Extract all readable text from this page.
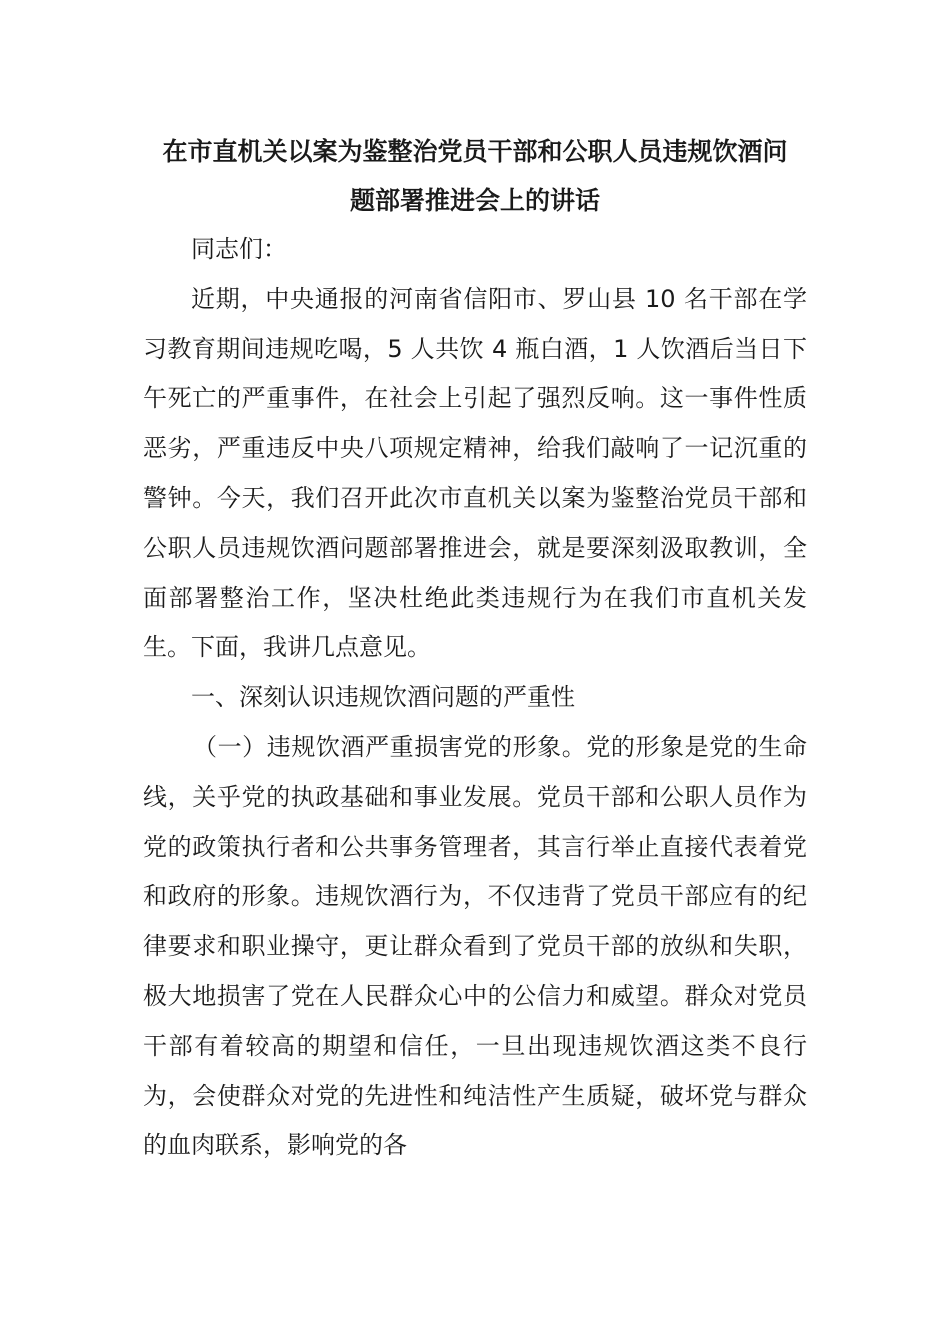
在市直机关以案为鉴整治党员干部和公职人员违规饮酒问
题部署推进会上的讲话

同志们：

近期，中央通报的河南省信阳市、罗山县 10 名干部在学习教育期间违规吃喝，5 人共饮 4 瓶白酒，1 人饮酒后当日下午死亡的严重事件，在社会上引起了强烈反响。这一事件性质恶劣，严重违反中央八项规定精神，给我们敲响了一记沉重的警钟。今天，我们召开此次市直机关以案为鉴整治党员干部和公职人员违规饮酒问题部署推进会，就是要深刻汲取教训，全面部署整治工作，坚决杜绝此类违规行为在我们市直机关发生。下面，我讲几点意见。

一、深刻认识违规饮酒问题的严重性

（一）违规饮酒严重损害党的形象。党的形象是党的生命线，关乎党的执政基础和事业发展。党员干部和公职人员作为党的政策执行者和公共事务管理者，其言行举止直接代表着党和政府的形象。违规饮酒行为，不仅违背了党员干部应有的纪律要求和职业操守，更让群众看到了党员干部的放纵和失职，极大地损害了党在人民群众心中的公信力和威望。群众对党员干部有着较高的期望和信任，一旦出现违规饮酒这类不良行为，会使群众对党的先进性和纯洁性产生质疑，破坏党与群众的血肉联系，影响党的各
